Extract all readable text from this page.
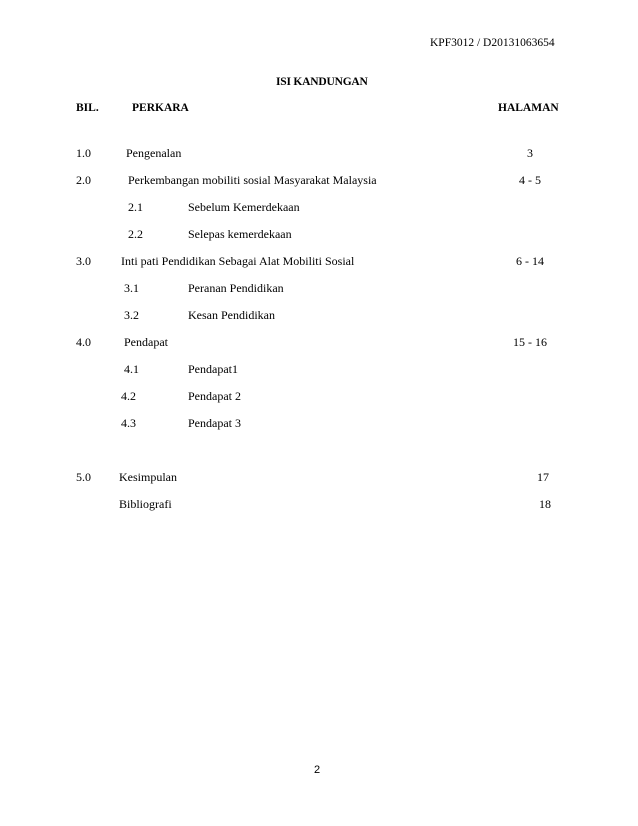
KPF3012 / D20131063654
ISI KANDUNGAN
BIL.	PERKARA	HALAMAN
1.0	Pengenalan	3
2.0	Perkembangan mobiliti sosial Masyarakat Malaysia	4 - 5
2.1	Sebelum Kemerdekaan
2.2	Selepas kemerdekaan
3.0	Inti pati Pendidikan Sebagai Alat Mobiliti Sosial	6 - 14
3.1	Peranan Pendidikan
3.2	Kesan Pendidikan
4.0	Pendapat	15 - 16
4.1	Pendapat1
4.2	Pendapat 2
4.3	Pendapat 3
5.0 Kesimpulan	17
Bibliografi	18
2
